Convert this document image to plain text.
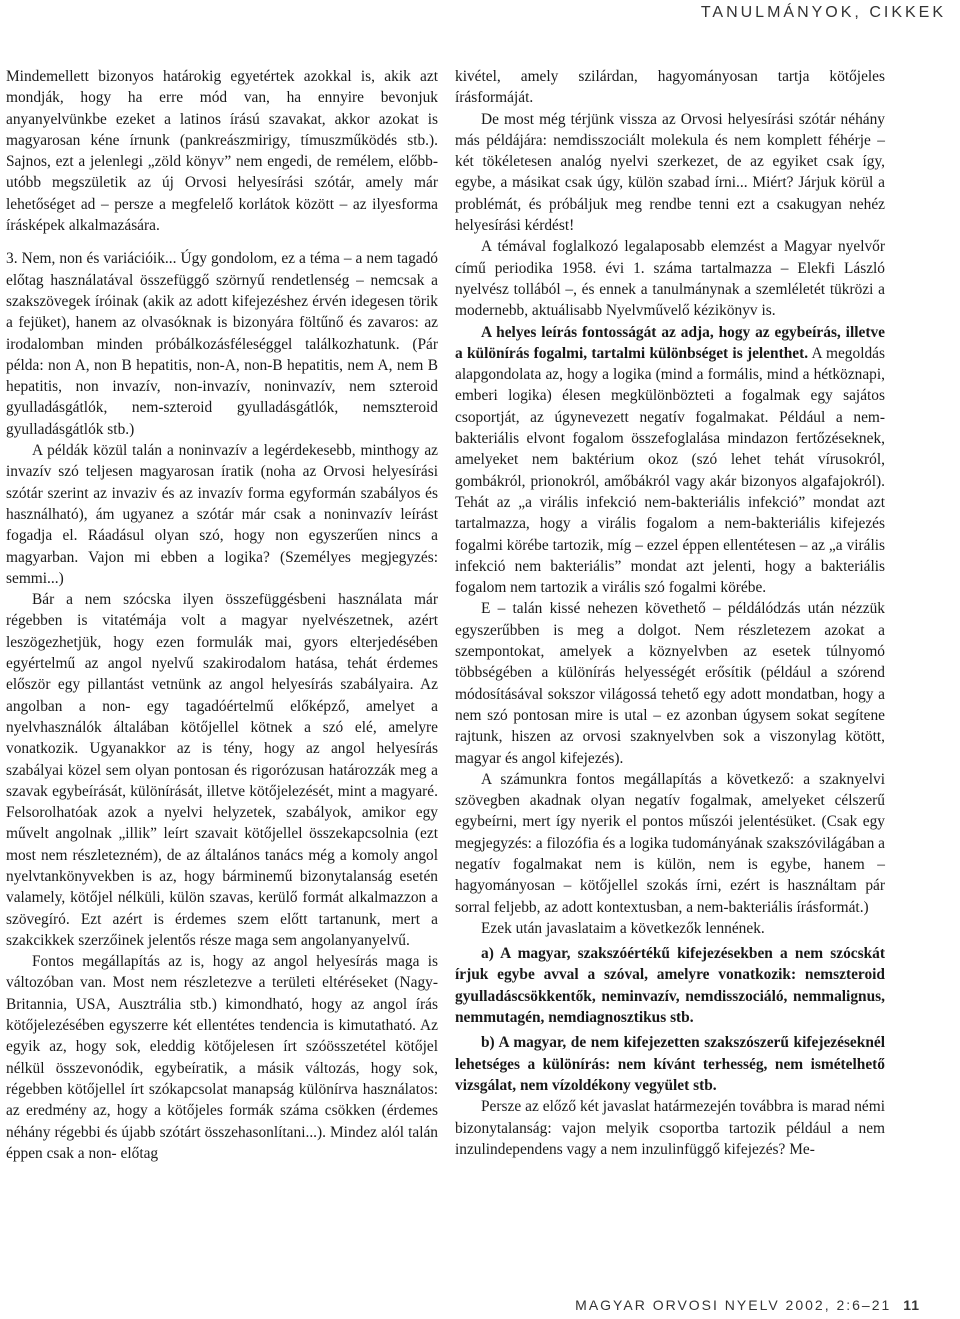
TANULMÁNYOK, CIKKEK

Mindemellett bizonyos határokig egyetértek azokkal is, akik azt mondják, hogy ha erre mód van, ha ennyire bevonjuk anyanyelvünkbe ezeket a latinos írású szavakat, akkor azokat is magyarosan kéne írnunk (pankreászmirigy, tímuszműködés stb.). Sajnos, ezt a jelenlegi „zöld könyv” nem engedi, de remélem, előbb-utóbb megszületik az új Orvosi helyesírási szótár, amely már lehetőséget ad – persze a megfelelő korlátok között – az ilyesforma írásképek alkalmazására.

3. Nem, non és variációik... Úgy gondolom, ez a téma – a nem tagadó előtag használatával összefüggő szörnyű rendetlenség – nemcsak a szakszövegek íróinak (akik az adott kifejezéshez érvén idegesen törik a fejüket), hanem az olvasóknak is bizonyára föltűnő és zavaros: az irodalomban minden próbálkozásféleséggel találkozhatunk. (Pár példa: non A, non B hepatitis, non-A, non-B hepatitis, nem A, nem B hepatitis, non invazív, non-invazív, noninvazív, nem szteroid gyulladásgátlók, nem-szteroid gyulladásgátlók, nemszteroid gyulladásgátlók stb.)

A példák közül talán a noninvazív a legérdekesebb, minthogy az invazív szó teljesen magyarosan íratik (noha az Orvosi helyesírási szótár szerint az invaziv és az invazív forma egyformán szabályos és használható), ám ugyanez a szótár már csak a noninvazív leírást fogadja el. Ráadásul olyan szó, hogy non egyszerűen nincs a magyarban. Vajon mi ebben a logika? (Személyes megjegyzés: semmi...)

Bár a nem szócska ilyen összefüggésbeni használata már régebben is vitatémája volt a magyar nyelvészetnek, azért leszögezhetjük, hogy ezen formulák mai, gyors elterjedésében egyértelmű az angol nyelvű szakirodalom hatása, tehát érdemes először egy pillantást vetnünk az angol helyesírás szabályaira. Az angolban a non- egy tagadóértelmű előképző, amelyet a nyelvhasználók általában kötőjellel kötnek a szó elé, amelyre vonatkozik. Ugyanakkor az is tény, hogy az angol helyesírás szabályai közel sem olyan pontosan és rigorózusan határozzák meg a szavak egybeírását, különírását, illetve kötőjelezését, mint a magyaré. Felsorolhatóak azok a nyelvi helyzetek, szabályok, amikor egy művelt angolnak „illik” leírt szavait kötőjellel összekapcsolnia (ezt most nem részletezném), de az általános tanács még a komoly angol nyelvtankönyvekben is az, hogy bárminemű bizonytalanság esetén valamely, kötőjel nélküli, külön szavas, kerülő formát alkalmazzon a szövegíró. Ezt azért is érdemes szem előtt tartanunk, mert a szakcikkek szerzőinek jelentős része maga sem angolanyanyelvű.

Fontos megállapítás az is, hogy az angol helyesírás maga is változóban van. Most nem részletezve a területi eltéréseket (Nagy-Britannia, USA, Ausztrália stb.) kimondható, hogy az angol írás kötőjelezésében egyszerre két ellentétes tendencia is kimutatható. Az egyik az, hogy sok, eleddig kötőjelesen írt szóösszetétel kötőjel nélkül összevonódik, egybeíratik, a másik változás, hogy sok, régebben kötőjellel írt szókapcsolat manapság különírva használatos: az eredmény az, hogy a kötőjeles formák száma csökken (érdemes néhány régebbi és újabb szótárt összehasonlítani...). Mindez alól talán éppen csak a non- előtag

kivétel, amely szilárdan, hagyományosan tartja kötőjeles írásformáját.

De most még térjünk vissza az Orvosi helyesírási szótár néhány más példájára: nemdisszociált molekula és nem komplett féhérje – két tökéletesen analóg nyelvi szerkezet, de az egyiket csak így, egybe, a másikat csak úgy, külön szabad írni... Miért? Járjuk körül a problémát, és próbáljuk meg rendbe tenni ezt a csakugyan nehéz helyesírási kérdést!

A témával foglalkozó legalaposabb elemzést a Magyar nyelvőr című periodika 1958. évi 1. száma tartalmazza – Elekfi László nyelvész tollából –, és ennek a tanulmánynak a szemléletét tükrözi a modernebb, aktuálisabb Nyelvművelő kézikönyv is.

A helyes leírás fontosságát az adja, hogy az egybeírás, illetve a különírás fogalmi, tartalmi különbséget is jelenthet. A megoldás alapgondolata az, hogy a logika (mind a formális, mind a hétköznapi, emberi logika) élesen megkülönbözteti a fogalmak egy sajátos csoportját, az úgynevezett negatív fogalmakat. Például a nem-bakteriális elvont fogalom összefoglalása mindazon fertőzéseknek, amelyeket nem baktérium okoz (szó lehet tehát vírusokról, gombákról, prionokról, amőbákról vagy akár bizonyos algafajokról). Tehát az „a virális infekció nem-bakteriális infekció” mondat azt tartalmazza, hogy a virális fogalom a nem-bakteriális kifejezés fogalmi körébe tartozik, míg – ezzel éppen ellentétesen – az „a virális infekció nem bakteriális” mondat azt jelenti, hogy a bakteriális fogalom nem tartozik a virális szó fogalmi körébe.

E – talán kissé nehezen követhető – példálódzás után nézzük egyszerűbben is meg a dolgot. Nem részletezem azokat a szempontokat, amelyek a köznyelvben az esetek túlnyomó többségében a különírás helyességét erősítik (például a szórend módosításával sokszor világossá tehető egy adott mondatban, hogy a nem szó pontosan mire is utal – ez azonban úgysem sokat segítene rajtunk, hiszen az orvosi szaknyelvben sok a viszonylag kötött, magyar és angol kifejezés).

A számunkra fontos megállapítás a következő: a szaknyelvi szövegben akadnak olyan negatív fogalmak, amelyeket célszerű egybeírni, mert így nyerik el pontos műszói jelentésüket. (Csak egy megjegyzés: a filozófia és a logika tudományának szakszóvilágában a negatív fogalmakat nem is külön, nem is egybe, hanem – hagyományosan – kötőjellel szokás írni, ezért is használtam pár sorral feljebb, az adott kontextusban, a nem-bakteriális írásformát.)

Ezek után javaslataim a következők lennének.

a) A magyar, szakszóértékű kifejezésekben a nem szócskát írjuk egybe avval a szóval, amelyre vonatkozik: nemszteroid gyulladáscsökkentők, neminvazív, nemdisszociáló, nemmalignus, nemmutagén, nemdiagnosztikus stb.

b) A magyar, de nem kifejezetten szakszószerű kifejezéseknél lehetséges a különírás: nem kívánt terhesség, nem ismételhető vizsgálat, nem vízoldékony vegyület stb.

Persze az előző két javaslat határmezején továbbra is marad némi bizonytalanság: vajon melyik csoportba tartozik például a nem inzulindependens vagy a nem inzulinfüggő kifejezés? Me-

MAGYAR ORVOSI NYELV 2002, 2:6–21 11
